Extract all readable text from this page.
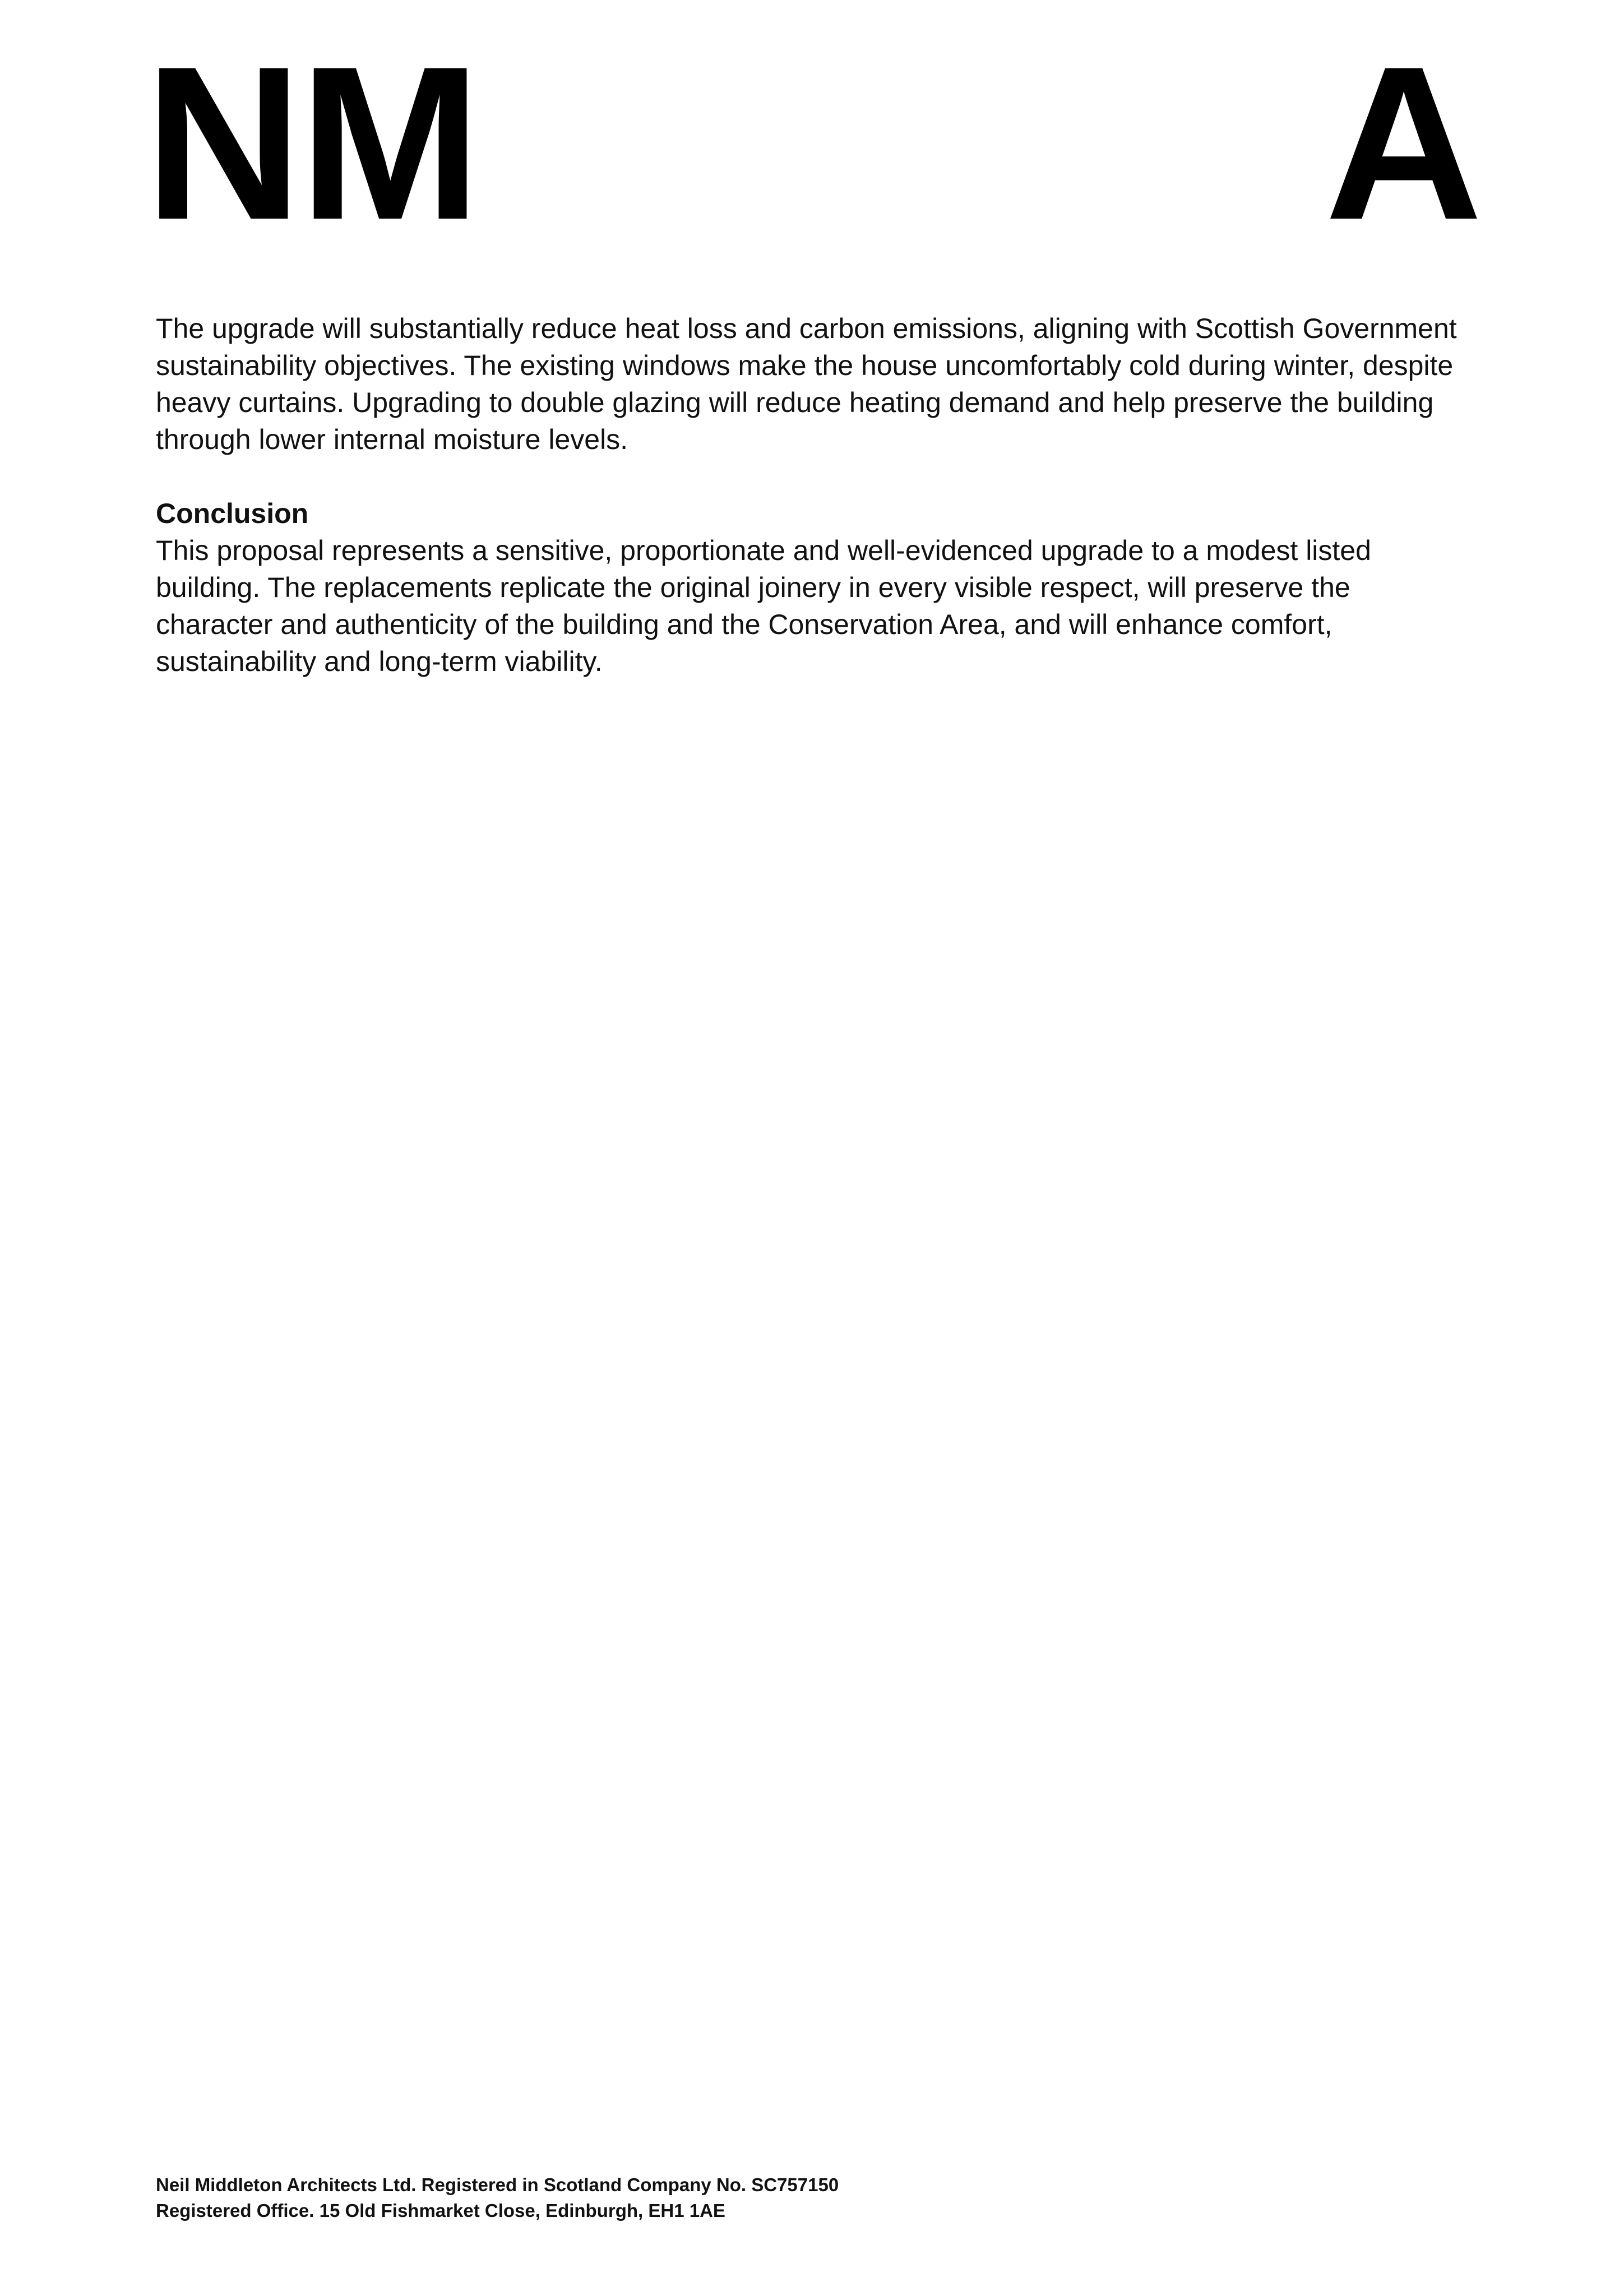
NM	A

The upgrade will substantially reduce heat loss and carbon emissions, aligning with Scottish Government sustainability objectives. The existing windows make the house uncomfortably cold during winter, despite heavy curtains. Upgrading to double glazing will reduce heating demand and help preserve the building through lower internal moisture levels.

Conclusion

This proposal represents a sensitive, proportionate and well-evidenced upgrade to a modest listed building. The replacements replicate the original joinery in every visible respect, will preserve the character and authenticity of the building and the Conservation Area, and will enhance comfort, sustainability and long-term viability.

Neil Middleton Architects Ltd. Registered in Scotland Company No. SC757150
Registered Office. 15 Old Fishmarket Close, Edinburgh, EH1 1AE
